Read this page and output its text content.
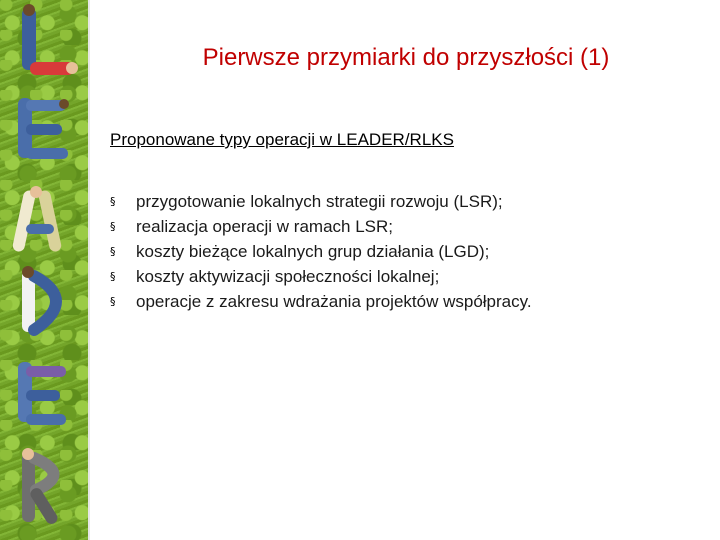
Pierwsze przymiarki do przyszłości (1)

Proponowane typy operacji w LEADER/RLKS

§	przygotowanie lokalnych strategii rozwoju (LSR);
§	realizacja operacji w ramach LSR;
§	koszty bieżące lokalnych grup działania (LGD);
§	koszty aktywizacji społeczności lokalnej;
§	operacje z zakresu wdrażania projektów współpracy.
